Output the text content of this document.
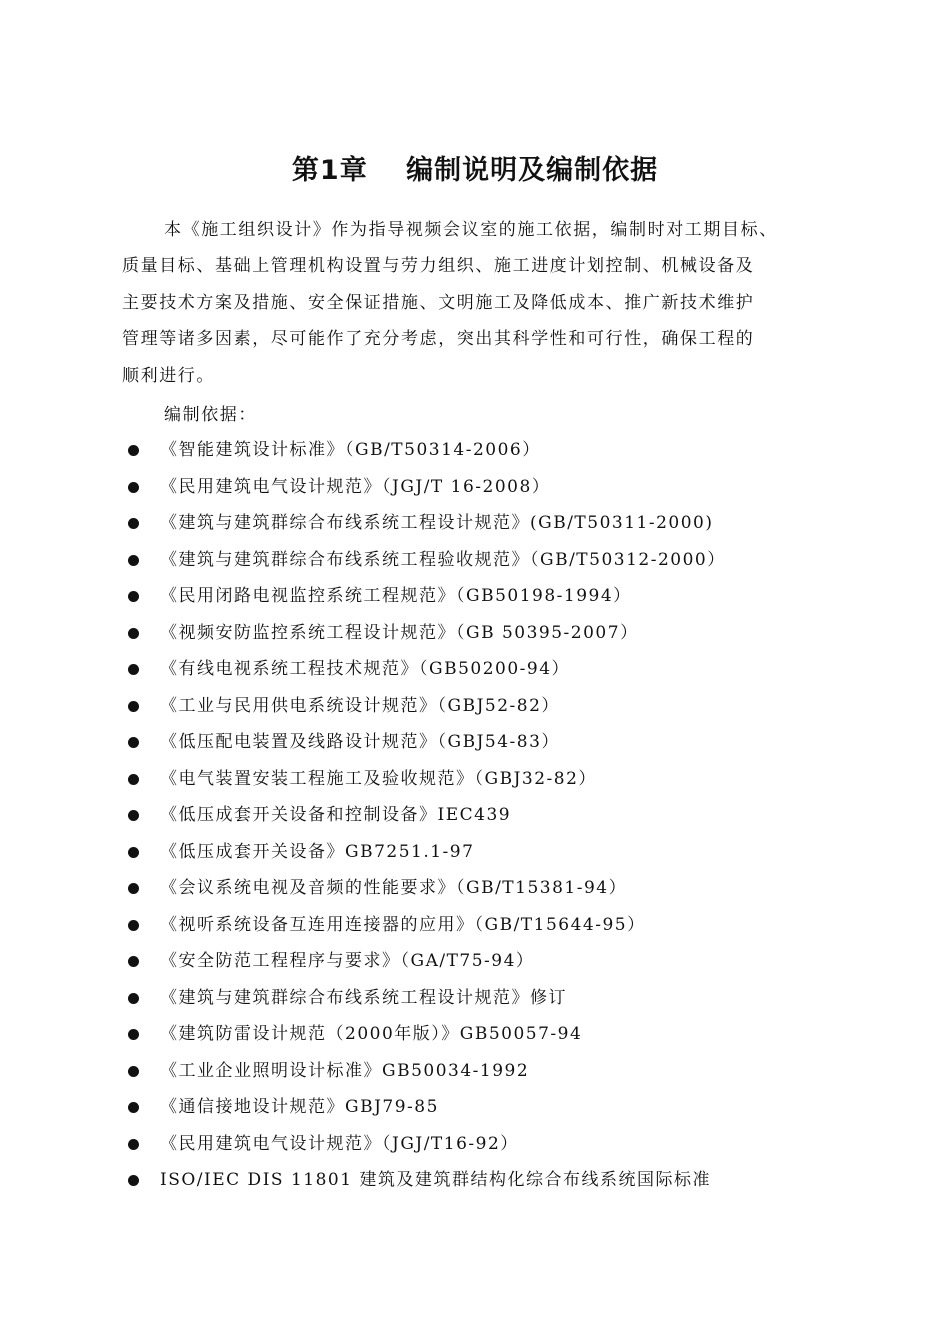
第1章　 编制说明及编制依据
本《施工组织设计》作为指导视频会议室的施工依据，编制时对工期目标、
质量目标、基础上管理机构设置与劳力组织、施工进度计划控制、机械设备及
主要技术方案及措施、安全保证措施、文明施工及降低成本、推广新技术维护
管理等诸多因素，尽可能作了充分考虑，突出其科学性和可行性，确保工程的
顺利进行。
编制依据：
《智能建筑设计标准》（GB/T50314-2006）
《民用建筑电气设计规范》（JGJ/T 16-2008）
《建筑与建筑群综合布线系统工程设计规范》(GB/T50311-2000)
《建筑与建筑群综合布线系统工程验收规范》（GB/T50312-2000）
《民用闭路电视监控系统工程规范》（GB50198-1994）
《视频安防监控系统工程设计规范》（GB 50395-2007）
《有线电视系统工程技术规范》（GB50200-94）
《工业与民用供电系统设计规范》（GBJ52-82）
《低压配电装置及线路设计规范》（GBJ54-83）
《电气装置安装工程施工及验收规范》（GBJ32-82）
《低压成套开关设备和控制设备》IEC439
《低压成套开关设备》GB7251.1-97
《会议系统电视及音频的性能要求》（GB/T15381-94）
《视听系统设备互连用连接器的应用》（GB/T15644-95）
《安全防范工程程序与要求》（GA/T75-94）
《建筑与建筑群综合布线系统工程设计规范》修订
《建筑防雷设计规范（2000年版）》GB50057-94
《工业企业照明设计标准》GB50034-1992
《通信接地设计规范》GBJ79-85
《民用建筑电气设计规范》（JGJ/T16-92）
ISO/IEC DIS 11801 建筑及建筑群结构化综合布线系统国际标准
